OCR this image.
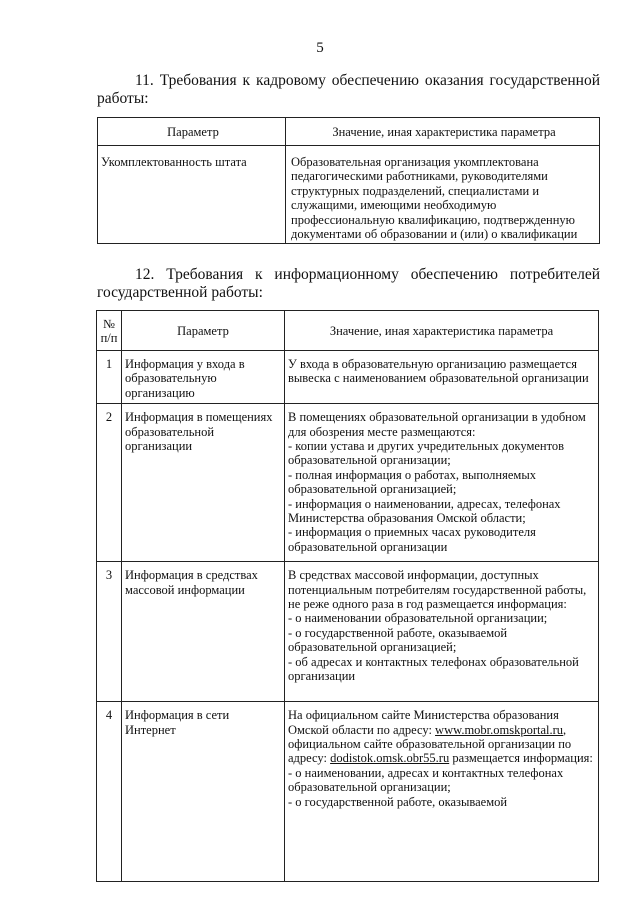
5
11. Требования к кадровому обеспечению оказания государственной
работы:
Параметр	Значение, иная характеристика параметра
Укомплектованность штата	Образовательная организация укомплектована педагогическими работниками, руководителями структурных подразделений, специалистами и служащими, имеющими необходимую профессиональную квалификацию, подтвержденную документами об образовании и (или) о квалификации
12. Требования к информационному обеспечению потребителей
государственной работы:
№ п/п	Параметр	Значение, иная характеристика параметра
1	Информация у входа в образовательную организацию	У входа в образовательную организацию размещается вывеска с наименованием образовательной организации

2	Информация в помещениях образовательной организации	В помещениях образовательной организации в удобном для обозрения месте размещаются:
- копии устава и других учредительных документов образовательной организации;
- полная информация о работах, выполняемых образовательной организацией;
- информация о наименовании, адресах, телефонах Министерства образования Омской области;
- информация о приемных часах руководителя образовательной организации

3	Информация в средствах массовой информации	В средствах массовой информации, доступных потенциальным потребителям государственной работы, не реже одного раза в год размещается информация:
- о наименовании образовательной организации;
- о государственной работе, оказываемой образовательной организацией;
- об адресах и контактных телефонах образовательной организации

4	Информация в сети Интернет	На официальном сайте Министерства образования Омской области по адресу: www.mobr.omskportal.ru, официальном сайте образовательной организации по адресу: dodistok.omsk.obr55.ru размещается информация:
- о наименовании, адресах и контактных телефонах образовательной организации;
- о государственной работе, оказываемой
